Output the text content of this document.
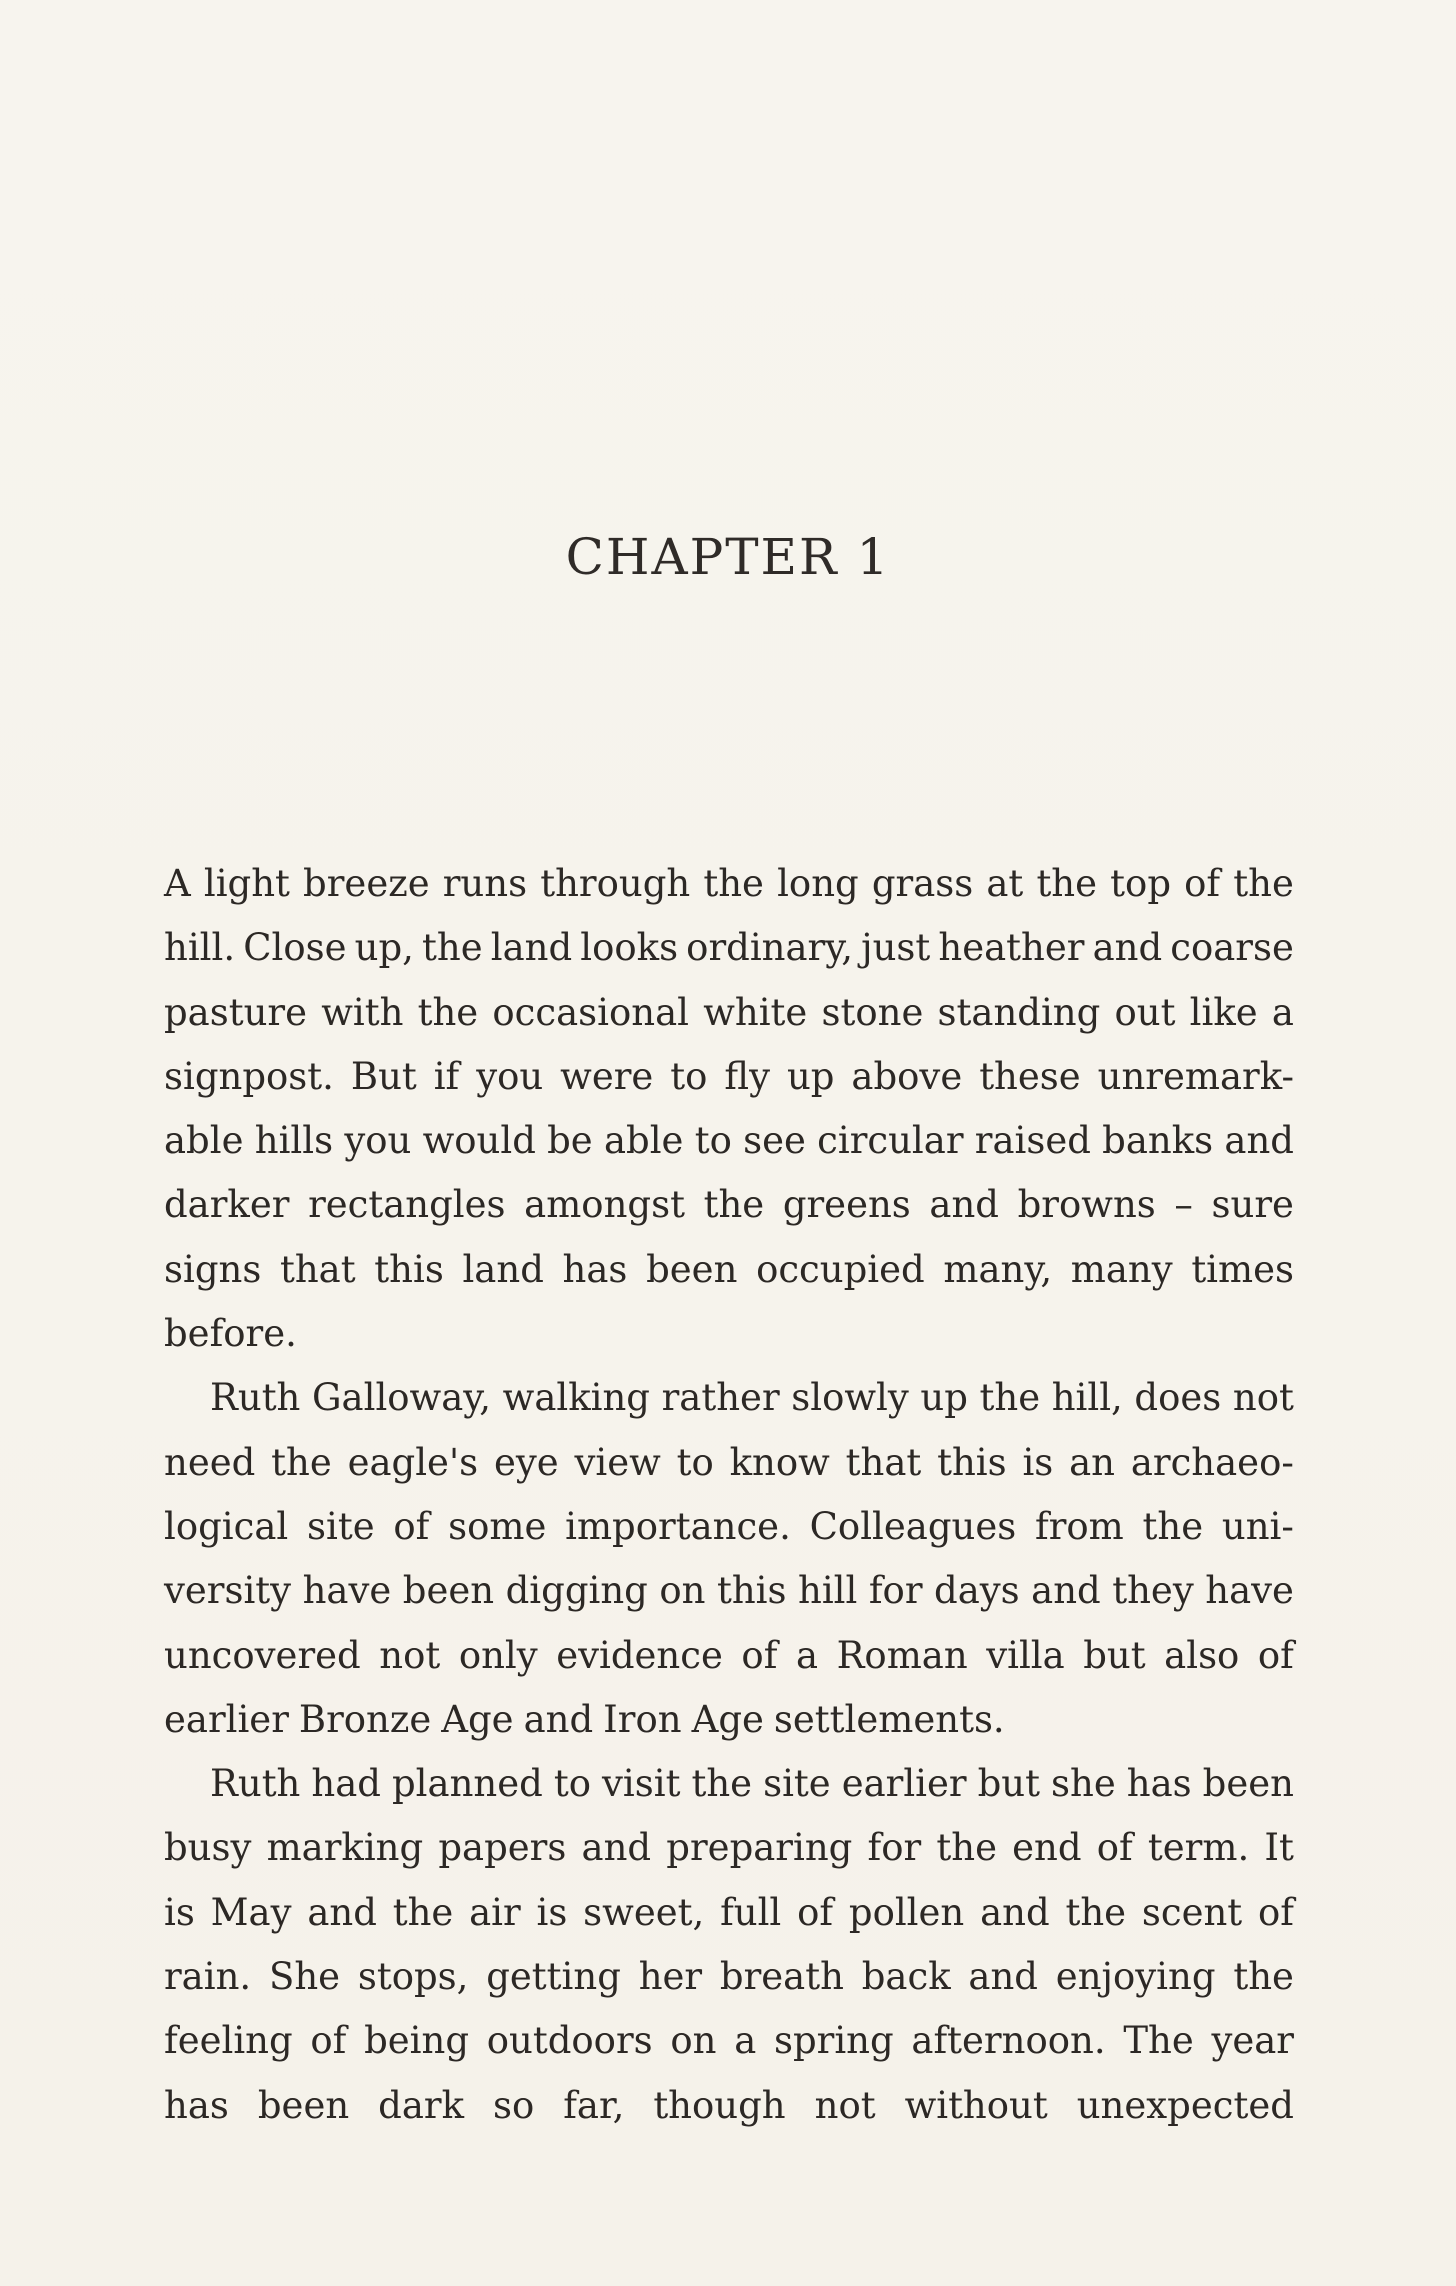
CHAPTER 1
A light breeze runs through the long grass at the top of the
hill. Close up, the land looks ordinary, just heather and coarse
pasture with the occasional white stone standing out like a
signpost. But if you were to fly up above these unremark-
able hills you would be able to see circular raised banks and
darker rectangles amongst the greens and browns – sure
signs that this land has been occupied many, many times
before.
Ruth Galloway, walking rather slowly up the hill, does not
need the eagle's eye view to know that this is an archaeo-
logical site of some importance. Colleagues from the uni-
versity have been digging on this hill for days and they have
uncovered not only evidence of a Roman villa but also of
earlier Bronze Age and Iron Age settlements.
Ruth had planned to visit the site earlier but she has been
busy marking papers and preparing for the end of term. It
is May and the air is sweet, full of pollen and the scent of
rain. She stops, getting her breath back and enjoying the
feeling of being outdoors on a spring afternoon. The year
has been dark so far, though not without unexpected
